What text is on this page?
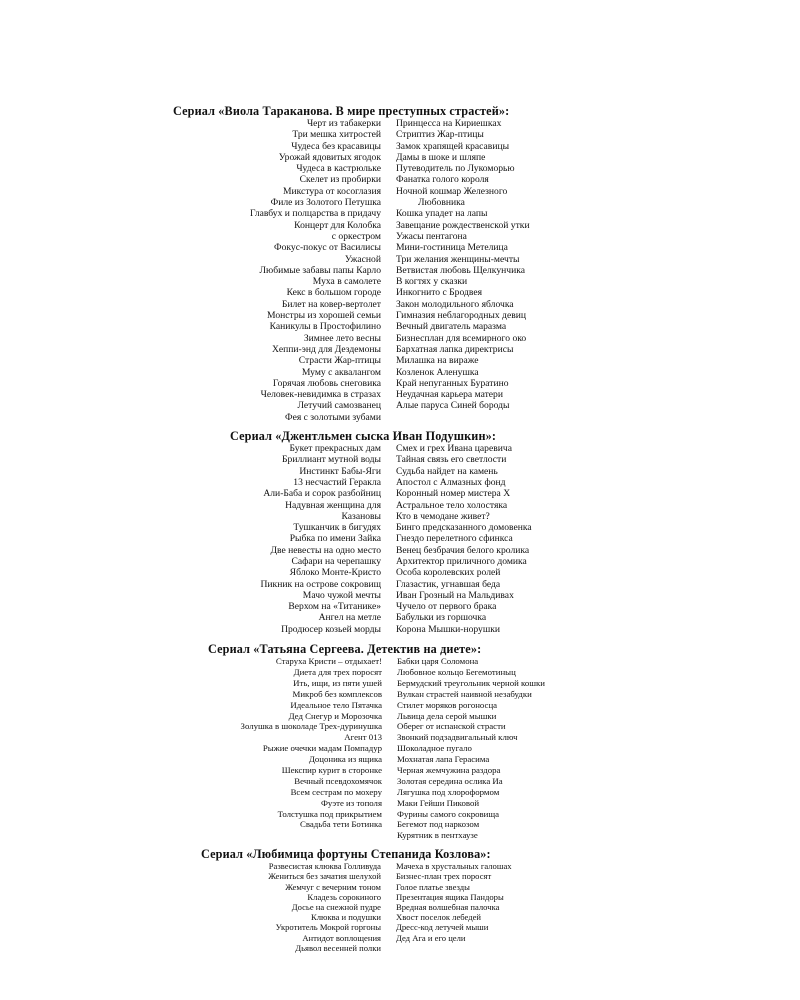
Сериал «Виола Тараканова. В мире преступных страстей»:
Черт из табакерки
Три мешка хитростей
Чудеса без красавицы
Урожай ядовитых ягодок
Чудеса в кастрюльке
Скелет из пробирки
Микстура от косоглазия
Филе из Золотого Петушка
Главбух и полцарства в придачу
Концерт для Колобка
с оркестром
Фокус-покус от Василисы
Ужасной
Любимые забавы папы Карло
Муха в самолете
Кекс в большом городе
Билет на ковер-вертолет
Монстры из хорошей семьи
Каникулы в Простофилино
Зимнее лето весны
Хеппи-энд для Дездемоны
Страсти Жар-птицы
Муму с аквалангом
Горячая любовь снеговика
Человек-невидимка в стразах
Летучий самозванец
Фея с золотыми зубами
Принцесса на Кириешках
Стриптиз Жар-птицы
Замок храпящей красавицы
Дамы в шоке и шляпе
Путеводитель по Лукоморью
Фанатка голого короля
Ночной кошмар Железного
Любовника
Кошка упадет на лапы
Завещание рождественской утки
Ужасы пентагона
Мини-гостиница Метелица
Три желания женщины-мечты
Ветвистая любовь Щелкунчика
В когтях у сказки
Инкогнито с Бродвея
Закон молодильного яблочка
Гимназия неблагородных девиц
Вечный двигатель маразма
Бизнесплан для всемирного око
Бархатная лапка директрисы
Милашка на вираже
Козленок Аленушка
Край непуганных Буратино
Неудачная карьера матери
Алые паруса Синей бороды
Сериал «Джентльмен сыска Иван Подушкин»:
Букет прекрасных дам
Бриллиант мутной воды
Инстинкт Бабы-Яги
13 несчастий Геракла
Али-Баба и сорок разбойниц
Надувная женщина для
Казановы
Тушканчик в бигудях
Рыбка по имени Зайка
Две невесты на одно место
Сафари на черепашку
Яблоко Монте-Кристо
Пикник на острове сокровищ
Мачо чужой мечты
Верхом на «Титанике»
Ангел на метле
Продюсер козьей морды
Смех и грех Ивана царевича
Тайная связь его светлости
Судьба найдет на камень
Апостол с Алмазных фонд
Коронный номер мистера Х
Астральное тело холостяка
Кто в чемодане живет?
Бинго предсказанного домовенка
Гнездо перелетного сфинкса
Венец безбрачия белого кролика
Архитектор приличного домика
Особа королевских ролей
Глазастик, угнавшая беда
Иван Грозный на Мальдивах
Чучело от первого брака
Бабульки из горшочка
Корона Мышки-норушки
Сериал «Татьяна Сергеева. Детектив на диете»:
Старуха Кристи – отдыхает!
Диета для трех поросят
Ить, ищи, из пяти ушей
Микроб без комплексов
Идеальное тело Пятачка
Дед Снегур и Морозочка
Золушка в шоколаде Трех-дуринушка
Агент 013
Рыжие очечки мадам Помпадур
Доцоника из ящика
Шекспир курит в сторонке
Вечный псевдохомячок
Всем сестрам по мохеру
Фуэте из тополя
Толстушка под прикрытием
Свадьба тети Ботинка
Бабки царя Соломона
Любовное кольцо Бегемотиныц
Бермудский треугольник черной кошки
Вулкан страстей наивной незабудки
Стилет моряков рогоносца
Львица дела серой мышки
Оберег от испанской страсти
Звонкий подзадвигальный ключ
Шоколадное пугало
Мохнатая лапа Герасима
Черная жемчужина раздора
Золотая середина ослика Иа
Лягушка под хлороформом
Маки Гейши Пиковой
Фурины самого сокровища
Бегемот под наркозом
Курятник в пентхаузе
Сериал «Любимица фортуны Степанида Козлова»:
Развесистая клюква Голливуда
Жениться без зачатия шелухой
Жемчуг с вечерним тоном
Кладезь сорокиного
Досье на снежной пудре
Клюква и подушки
Укротитель Мокрой горгоны
Антидот воплощения
Дьявол весенней полки
Мачеха в хрустальных галошах
Бизнес-план трех поросят
Голое платье звезды
Презентация ящика Пандоры
Вредная волшебная палочка
Хвост поселок лебедей
Дресс-код летучей мыши
Дед Ага и его цели
